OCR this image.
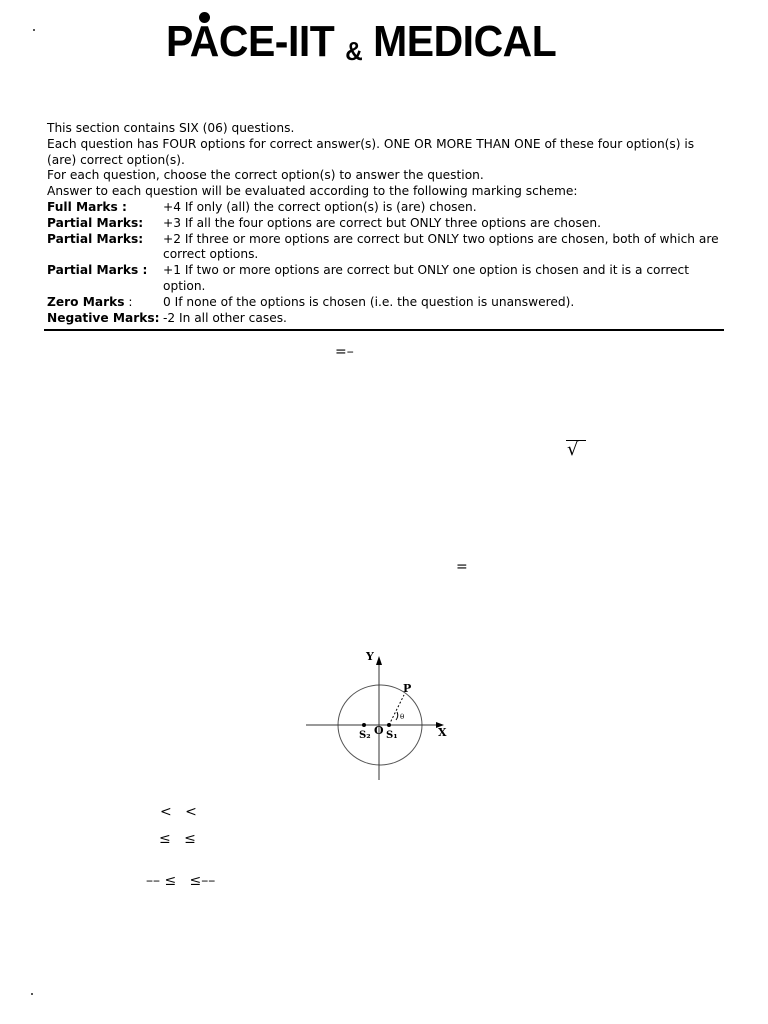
PACE-IIT & MEDICAL

This section contains SIX (06) questions.

Each question has FOUR options for correct answer(s). ONE OR MORE THAN ONE of these four option(s) is (are) correct option(s).

For each question, choose the correct option(s) to answer the question.

Answer to each question will be evaluated according to the following marking scheme:

Full Marks :	+4 If only (all) the correct option(s) is (are) chosen.
Partial Marks:	+3 If all the four options are correct but ONLY three options are chosen.
Partial Marks:	+2 If three or more options are correct but ONLY two options are chosen, both of which are correct options.
Partial Marks :	+1 If two or more options are correct but ONLY one option is chosen and it is a correct option.
Zero Marks :	0 If none of the options is chosen (i.e. the question is unanswered).
Negative Marks: -2 In all other cases.
=–
√
=
Y
X
P
O S₁
S₂
θ
<   <
≤   ≤
–– ≤   ≤––
